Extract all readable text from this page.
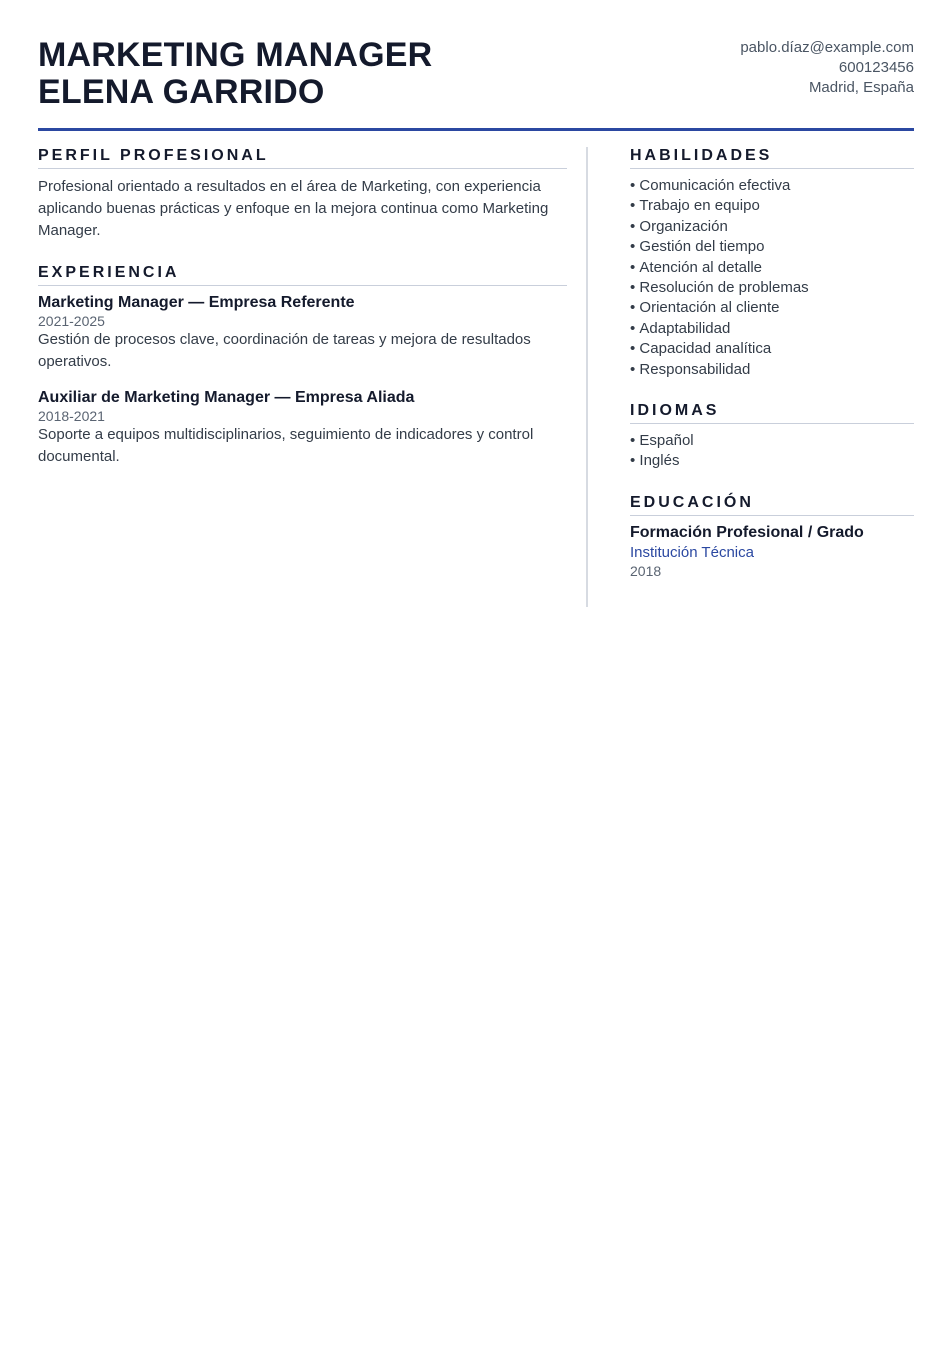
MARKETING MANAGER
ELENA GARRIDO
pablo.díaz@example.com
600123456
Madrid, España
PERFIL PROFESIONAL

Profesional orientado a resultados en el área de Marketing, con experiencia aplicando buenas prácticas y enfoque en la mejora continua como Marketing Manager.

EXPERIENCIA
Marketing Manager — Empresa Referente
2021-2025

Gestión de procesos clave, coordinación de tareas y mejora de resultados operativos.

Auxiliar de Marketing Manager — Empresa Aliada
2018-2021

Soporte a equipos multidisciplinarios, seguimiento de indicadores y control documental.

HABILIDADES
• Comunicación efectiva
• Trabajo en equipo
• Organización
• Gestión del tiempo
• Atención al detalle
• Resolución de problemas
• Orientación al cliente
• Adaptabilidad
• Capacidad analítica
• Responsabilidad
IDIOMAS
• Español
• Inglés
EDUCACIÓN
Formación Profesional / Grado
Institución Técnica
2018
